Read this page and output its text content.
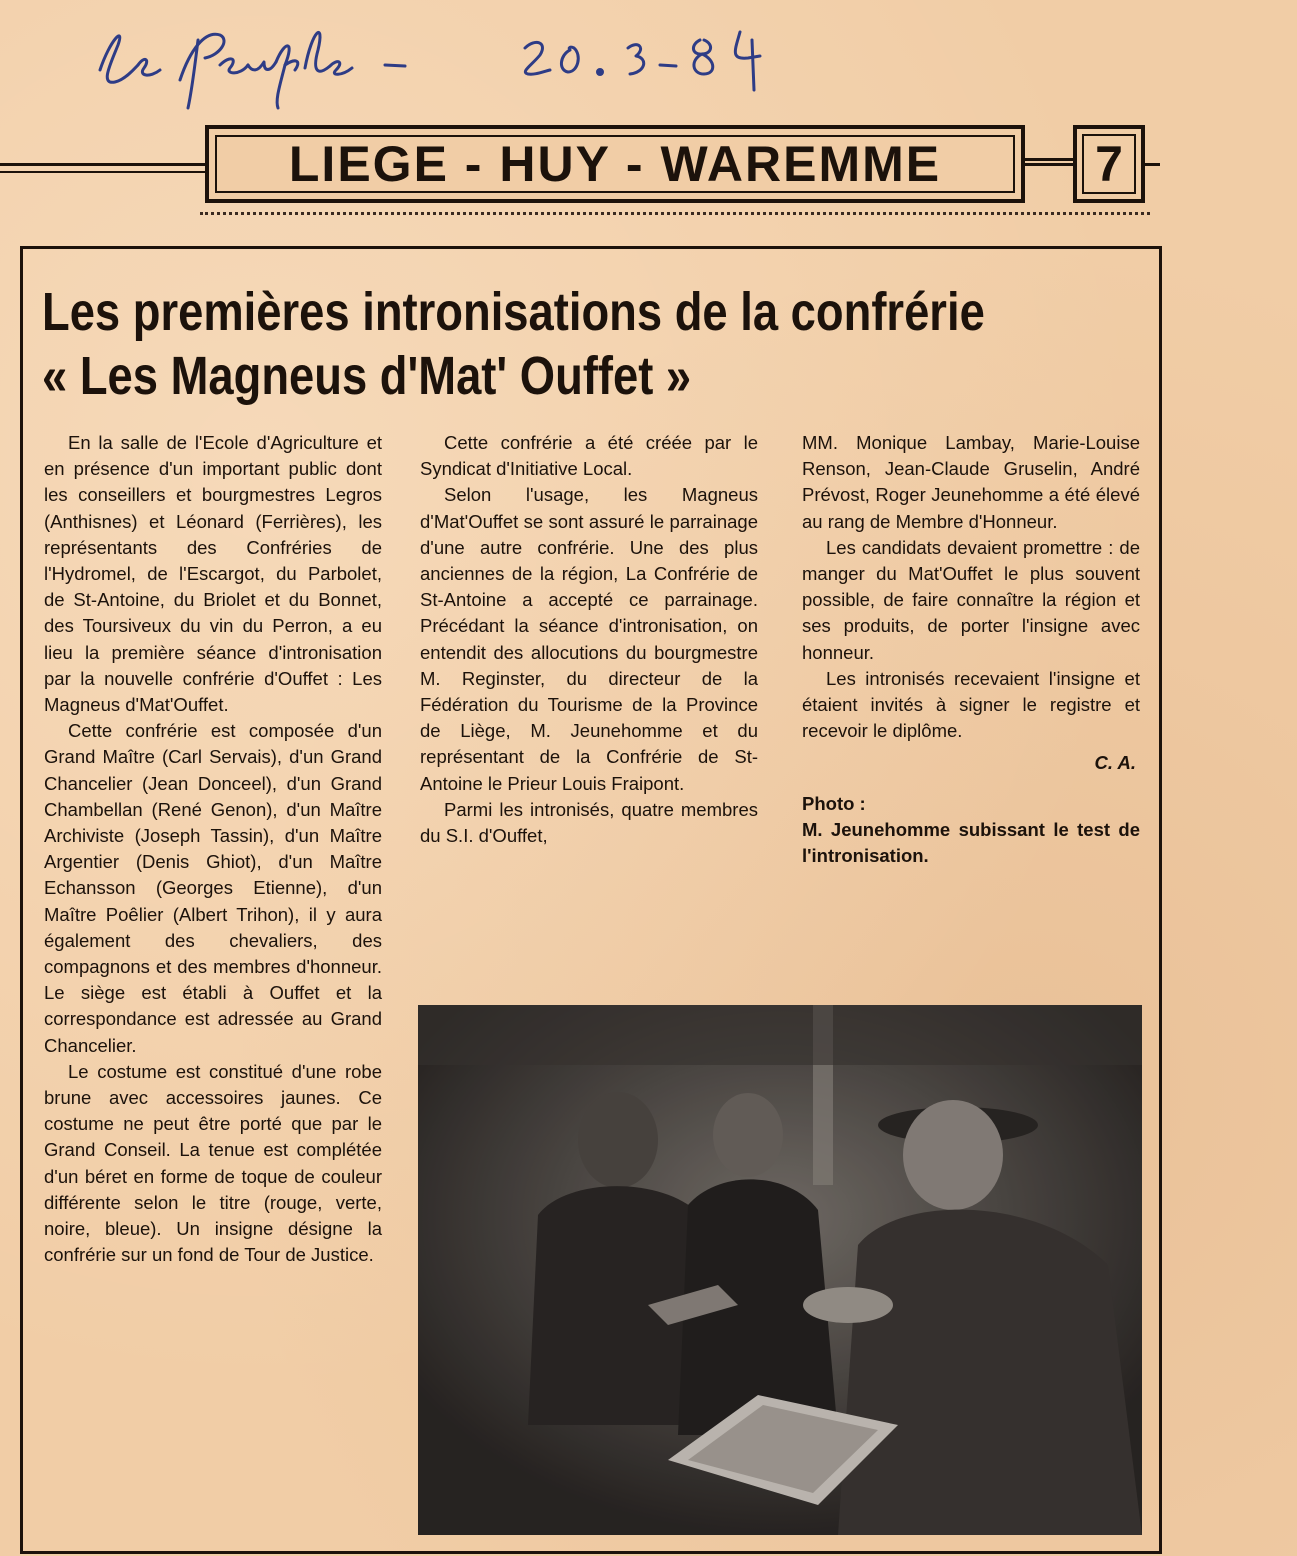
LIEGE - HUY - WAREMME	7
Les premières intronisations de la confrérie
« Les Magneus d'Mat' Ouffet »

En la salle de l'Ecole d'Agriculture et en présence d'un important public dont les conseillers et bourgmestres Legros (Anthisnes) et Léonard (Ferrières), les représentants des Confréries de l'Hydromel, de l'Escargot, du Parbolet, de St-Antoine, du Briolet et du Bonnet, des Toursiveux du vin du Perron, a eu lieu la première séance d'intronisation par la nouvelle confrérie d'Ouffet : Les Magneus d'Mat'Ouffet.

Cette confrérie est composée d'un Grand Maître (Carl Servais), d'un Grand Chancelier (Jean Donceel), d'un Grand Chambellan (René Genon), d'un Maître Archiviste (Joseph Tassin), d'un Maître Argentier (Denis Ghiot), d'un Maître Echansson (Georges Etienne), d'un Maître Poêlier (Albert Trihon), il y aura également des chevaliers, des compagnons et des membres d'honneur. Le siège est établi à Ouffet et la correspondance est adressée au Grand Chancelier.

Le costume est constitué d'une robe brune avec accessoires jaunes. Ce costume ne peut être porté que par le Grand Conseil. La tenue est complétée d'un béret en forme de toque de couleur différente selon le titre (rouge, verte, noire, bleue). Un insigne désigne la confrérie sur un fond de Tour de Justice.

Cette confrérie a été créée par le Syndicat d'Initiative Local.

Selon l'usage, les Magneus d'Mat'Ouffet se sont assuré le parrainage d'une autre confrérie. Une des plus anciennes de la région, La Confrérie de St-Antoine a accepté ce parrainage. Précédant la séance d'intronisation, on entendit des allocutions du bourgmestre M. Reginster, du directeur de la Fédération du Tourisme de la Province de Liège, M. Jeunehomme et du représentant de la Confrérie de St-Antoine le Prieur Louis Fraipont.

Parmi les intronisés, quatre membres du S.I. d'Ouffet,

MM. Monique Lambay, Marie-Louise Renson, Jean-Claude Gruselin, André Prévost, Roger Jeunehomme a été élevé au rang de Membre d'Honneur.

Les candidats devaient promettre : de manger du Mat'Ouffet le plus souvent possible, de faire connaître la région et ses produits, de porter l'insigne avec honneur.

Les intronisés recevaient l'insigne et étaient invités à signer le registre et recevoir le diplôme.

C. A.
Photo :
M. Jeunehomme subissant le test de l'intronisation.
